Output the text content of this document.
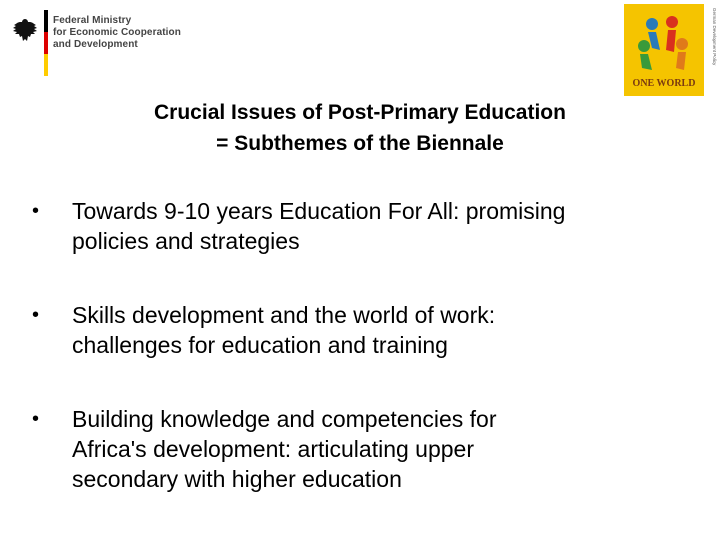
Federal Ministry
for Economic Cooperation
and Development
ONE WORLD
German Development Policy
Crucial Issues of Post-Primary Education
= Subthemes of the Biennale
• Towards 9-10 years Education For All: promising
policies and strategies
• Skills development and the world of work:
challenges for education and training
• Building knowledge and competencies for
Africa's development: articulating upper
secondary with higher education
